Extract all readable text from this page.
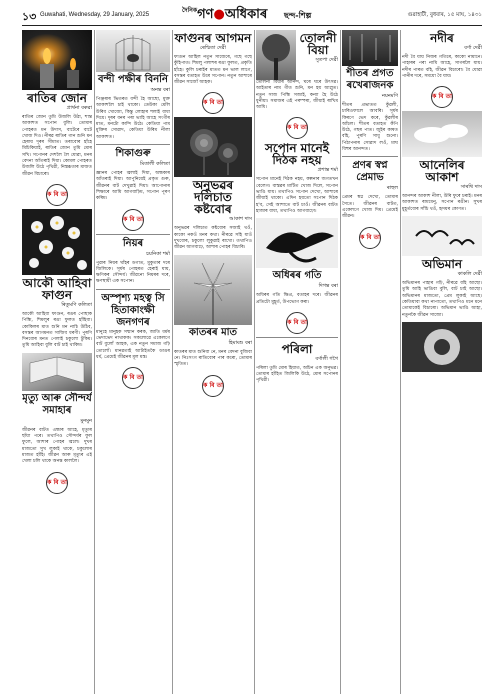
১৩ Guwahati, Wednesday, 29 January, 2025
$^{দৈনিক}$গণ●অধিকাৰ ছন্দ-শিল্প	গুৱাহাটী, বুধবাৰ, ১৫ মাঘ, ১৪৩১
ৰাতিৰ জোন
প্ৰাৰ্থনা বৰুৱা
ৰাতিৰ জোন তুমি উজলি উঠা, শান্ত আকাশত সপোন বুলি। তোমাৰ পোহৰত মন উদাস, বাটেৰে বাটে খোজ দিও। নীৰৱ ৰাতিৰ গান শুনি মন হেৰায় দূৰৰ সীমাত। তৰাবোৰ হাঁহে মিচিকিয়াই, ৰাতিৰ জোন তুমি মোৰ সখি। সপোনৰ দেশলৈ লৈ যোৱা, মনৰ বেদনা আঁতৰাই দিয়া। কোমল পোহৰত উজলি উঠে পৃথিৱী, নিস্তব্ধতাৰ মাজত জীৱন বিচাৰো।
ক বি তা
আকৌ আহিবা ফাগুন
ৰিতুমণি কলিতা
আকৌ আহিবা ফাগুন, ৰঙৰ পোছাক পিন্ধি, শিমলুৰ ৰঙা ফুলত হাঁহিবা। কোকিলৰ মাত শুনি মন নাচি উঠিব, বসন্তৰ আগমনত সাজিব ধৰণী। পুৰণি দিনবোৰ মনত পেলাই চকুলো টুকিম। তুমি আহিবা বুলি বাট চাই থাকিম।
মৃত্যু আৰু সৌন্দৰ্য সমাহাৰ
মুনমুন
জীৱনৰ বাটত এন্ধাৰ আহে, মৃত্যুৰ ছাঁয়া পৰে। তথাপিও সৌন্দৰ্যৰ ফুল ফুলে, আশাৰ পোহৰ জ্বলে। দুখৰ মাজতো সুখ লুকাই থাকে, চকুলোৰ মাজত হাঁহি। জীৱন আৰু মৃত্যুৰ এই খেলা চলি থাকে অনন্ত কাললৈ।
ক বি তা
বন্দী পক্ষীৰ বিননি
অনন্ত বৰা
পিঞ্জৰাৰ ভিতৰত বন্দী হৈ আছো, মুক্ত আকাশলৈ চাই থাকো। ডেউকা মেলি উৰিব খোজো, কিন্তু লোহাৰ শলাই বাধা দিয়ে। দূৰৰ বনৰ পৰা ভাহি আহে সংগীৰ মাত, মনটো কান্দি উঠে। কেতিয়া পাম মুক্তিৰ সোৱাদ, কেতিয়া উৰিম নীলা আকাশত।
শিকাগুৰু
মিতালী কলিতা
জ্ঞানৰ পোহৰ জ্বলাই দিয়া, অন্ধকাৰ আঁতৰাই দিয়া। আপুনিয়েই প্ৰকৃত গুৰু, জীৱনৰ বাট দেখুৱাই দিয়া। আপোনাৰ শিক্ষাৰে আমি আগবাঢ়িম, সপোন পূৰণ কৰিম।
ক বি তা
নিয়ৰ
চয়নিকা শৰ্মা
পুৱাৰ নিয়ৰ ঘাঁহৰ ডগাত, মুকুতাৰ দৰে জিলিকে। সূৰ্যৰ পোহৰত হেৰাই যায়, ক্ষণিকৰ সৌন্দৰ্য। জীৱনো নিয়ৰৰ দৰে, ক্ষণস্থায়ী এক সপোন।
অস্পৃশ্য মহত্ব সি হিতাকাংক্ষী জনগণৰ
মানুহে মানুহক সন্মান কৰক, জাতি ধৰ্মৰ ভেদাভেদ নাথাকক। সকলোৱে একেলগে বাট বুলোঁ আহক, এক নতুন সমাজ গঢ়ি তোলোঁ। মানৱতাই আটাইতকৈ ডাঙৰ ধৰ্ম, প্ৰেমেই জীৱনৰ মূল মন্ত্ৰ।
ক বি তা
ফাগুনৰ আগমন
ৰেশ্মিতা দেৱী
ফাগুন আহিল নতুন সাজেৰে, গছে গছে কুঁহিপাত। শিমলু পলাশৰ ৰঙা ফুলত, প্ৰকৃতি হাঁহে। কুলি চৰাইৰ মাতত মন ভাল লাগে, বসন্তৰ বতাহত উৰে সপোন। নতুন আশাৰে জীৱন সাজোঁ আহক।
ক বি তা
অনুভৱৰ দলিচাত কষ্টবোৰ
আকাশ দাস
অনুভৱৰ দলিচাত কষ্টবোৰ সজাই থওঁ, কাকো নকওঁ মনৰ কথা। নীৰৱে সহি যাওঁ দুখবোৰ, চকুলো লুকুৱাই ৰাখো। তথাপিও জীৱন আগবাঢ়ে, আশাৰ পোহৰ বিচাৰি।
কাতৰৰ মাত
হিমাংশু বৰা
কাতৰৰ মাত শুনিবা নে, মনৰ বেদনা বুজিবা নে। নিঃসংগ ৰাতিবোৰ পাৰ কৰো, তোমাৰ স্মৃতিত।
ক বি তা
তোলনী বিয়া
সুতপা দেৱী
তোলনী বিয়াৰ আনন্দ, ঘৰে ঘৰে উৎসৱ। আইতাৰ নাম গীত শুনি, মন হয় আপ্লুত। নতুন সাজ পিন্ধি সজাই, কন্যা হৈ উঠে ধুনীয়া। সমাজৰ এই পৰম্পৰা, জীয়াই ৰাখিম আমি।
ক বি তা
সপোন মানেই দিঠক নহয়
প্ৰশান্ত শৰ্মা
সপোন মানেই দিঠক নহয়, কল্পনাৰ জগতখন বেলেগ। বাস্তৱৰ মাটিত খোজ দিলে, সপোন ভাঙি যায়। তথাপিও সপোন দেখো, আশাৰে জীয়াই থাকো। এদিন হয়তো সপোন দিঠক হ'ব, সেই আশাতে বাট চাওঁ। জীৱনৰ বাটত হাজাৰ বাধা, তথাপিও আগবাঢ়ো।
অধিৰৰ গতি
দিগন্ত বৰা
অধিৰৰ গতি ক্ষিপ্ৰ, বতাহৰ দৰে। জীৱনৰ প্ৰতিটো মুহূৰ্ত, উপভোগ কৰা।
ক বি তা
পৰিলা
বৰ্ণালী গগৈ
পৰিলা তুমি মোৰ হিয়াত, অচিন এক অনুভৱ। তোমাৰ হাঁহিত জিলিকি উঠে, মোৰ সপোনৰ পৃথিৱী।
শীতৰ প্ৰগত ৰখেৰাজনক
নয়নমণি
শীতৰ প্ৰভাতত কুঁৱলী, চাৰিওফালে আবৰি। সূৰ্যৰ কিৰণে ভেদ কৰে, কুঁৱলীৰ আঁচল। শীতৰ বতাহত কঁপি উঠে, গছৰ পাত। জুইৰ কাষত বহি, পুৰণি সাধু শুনো। পিঠাপনাৰ সোৱাদ লওঁ, মাঘ বিহুৰ আনন্দত।
প্ৰণৰ স্বপ্ন প্ৰেমাভ
ৰাহুল
প্ৰেমৰ স্বপ্ন দেখো, তোমাৰ সৈতে। জীৱনৰ বাটত, একেলগে খোজ দিম। প্ৰেমেই জীৱন।
ক বি তা
নদীৰ
বৰ্ণা দেৱী
নদী বৈ যায় নিজৰ গতিৰে, কাকো নামানে। পাহাৰৰ পৰা নামি আহে, সাগৰলৈ যায়। নদীৰ পাৰত বহি, জীৱন বিচাৰো। বৈ যোৱা পানীৰ দৰে, সময়ো বৈ যায়।
ক বি তা
আনেলিৰ আকাশ
সাৰথি দাস
আনন্দৰ আকাশ নীলা, উৰি ফুৰে চৰাই। মনৰ আকাশত ৰামধেনু, সপোন ৰঙীন। সুখৰ মুহূৰ্তবোৰ সাঁচি থওঁ, হৃদয়ৰ কোণত।
অভিমান
কাকলি দেৱী
অভিমানৰ পাহাৰ গঢ়ি, নীৰৱে বহি আছো। তুমি আহি ভাঙিবা বুলি, বাট চাই আছো। অভিমানৰ মাজতো, প্ৰেম লুকাই আছে। কেতিয়াবা কথা নাপাতো, তথাপিও মনে মনে তোমাকেই বিচাৰো। অভিমান ভাঙি আহা, নতুনকৈ জীৱন সাজো।
